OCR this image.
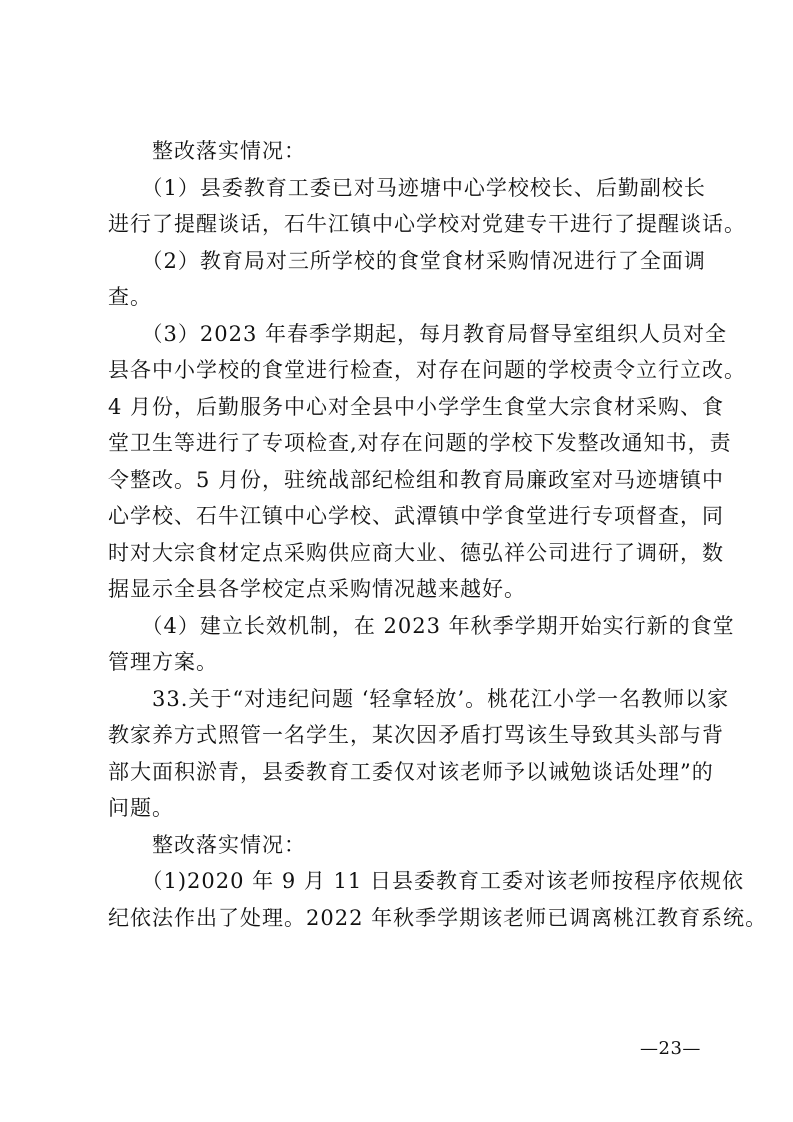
　　整改落实情况：

　　（1）县委教育工委已对马迹塘中心学校校长、后勤副校长
进行了提醒谈话，石牛江镇中心学校对党建专干进行了提醒谈话。

　　（2）教育局对三所学校的食堂食材采购情况进行了全面调
查。

　　（3）2023 年春季学期起，每月教育局督导室组织人员对全
县各中小学校的食堂进行检查，对存在问题的学校责令立行立改。
4 月份，后勤服务中心对全县中小学学生食堂大宗食材采购、食
堂卫生等进行了专项检查,对存在问题的学校下发整改通知书，责
令整改。5 月份，驻统战部纪检组和教育局廉政室对马迹塘镇中
心学校、石牛江镇中心学校、武潭镇中学食堂进行专项督查，同
时对大宗食材定点采购供应商大业、德弘祥公司进行了调研，数
据显示全县各学校定点采购情况越来越好。

　　（4）建立长效机制，在 2023 年秋季学期开始实行新的食堂
管理方案。

　　33.关于“对违纪问题 ‘轻拿轻放’。桃花江小学一名教师以家
教家养方式照管一名学生，某次因矛盾打骂该生导致其头部与背
部大面积淤青，县委教育工委仅对该老师予以诫勉谈话处理”的
问题。

　　整改落实情况：

　　（1)2020 年 9 月 11 日县委教育工委对该老师按程序依规依
纪依法作出了处理。2022 年秋季学期该老师已调离桃江教育系统。

—23—
